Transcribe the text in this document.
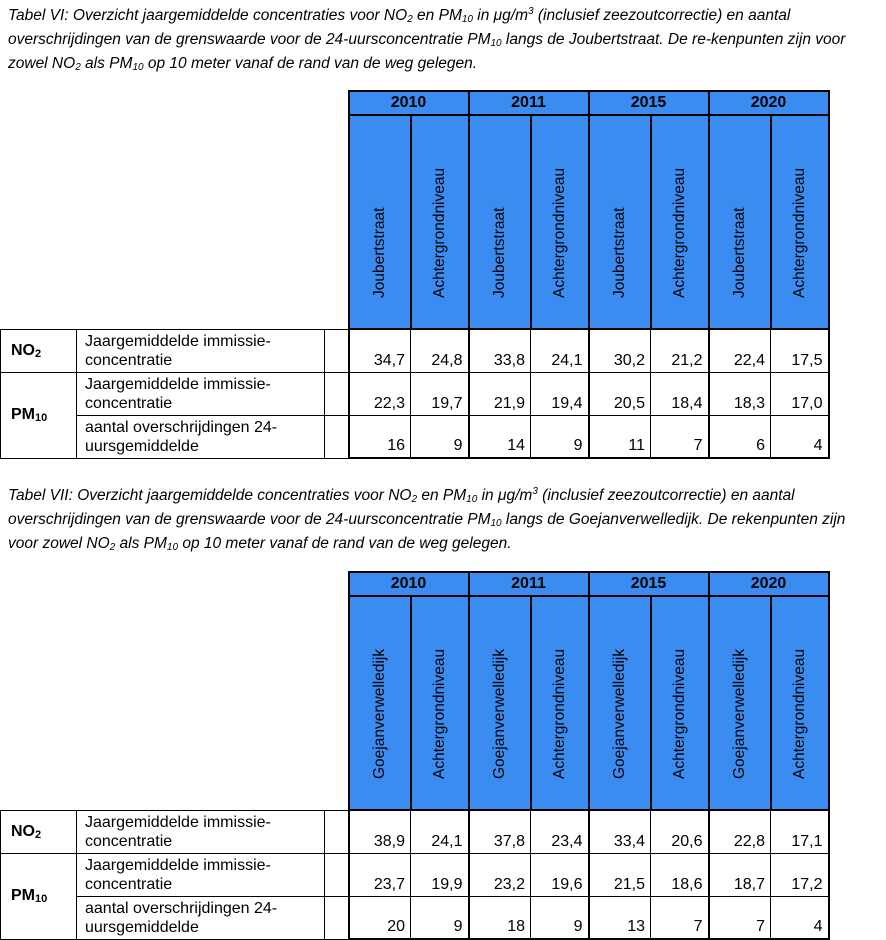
Tabel VI: Overzicht jaargemiddelde concentraties voor $NO_2$ en $PM_{10}$ in $\mu g/m^3$ (inclusief zeezoutcorrectie) en aantal overschrijdingen van de grenswaarde voor de 24-uursconcentratie $PM_{10}$ langs de Joubertstraat. De re-kenpunten zijn voor zowel $NO_2$ als $PM_{10}$ op 10 meter vanaf de rand van de weg gelegen.
			2010		2011		2015		2020	

			Joubertstraat	Achtergrondniveau	Joubertstraat	Achtergrondniveau	Joubertstraat	Achtergrondniveau	Joubertstraat	Achtergrondniveau

$NO_2$	Jaargemiddelde immissie-concentratie		34,7	24,8	33,8	24,1	30,2	21,2	22,4	17,5
$PM_{10}$	Jaargemiddelde immissie-concentratie		22,3	19,7	21,9	19,4	20,5	18,4	18,3	17,0
	aantal overschrijdingen 24-uursgemiddelde		16	9	14	9	11	7	6	4
Tabel VII: Overzicht jaargemiddelde concentraties voor $NO_2$ en $PM_{10}$ in $\mu g/m^3$ (inclusief zeezoutcorrectie) en aantal overschrijdingen van de grenswaarde voor de 24-uursconcentratie $PM_{10}$ langs de Goejanverwelledijk. De rekenpunten zijn voor zowel $NO_2$ als $PM_{10}$ op 10 meter vanaf de rand van de weg gelegen.
			2010		2011		2015		2020	

			Goejanverwelledijk	Achtergrondniveau	Goejanverwelledijk	Achtergrondniveau	Goejanverwelledijk	Achtergrondniveau	Goejanverwelledijk	Achtergrondniveau

$NO_2$	Jaargemiddelde immissie-concentratie		38,9	24,1	37,8	23,4	33,4	20,6	22,8	17,1
$PM_{10}$	Jaargemiddelde immissie-concentratie		23,7	19,9	23,2	19,6	21,5	18,6	18,7	17,2
	aantal overschrijdingen 24-uursgemiddelde		20	9	18	9	13	7	7	4
